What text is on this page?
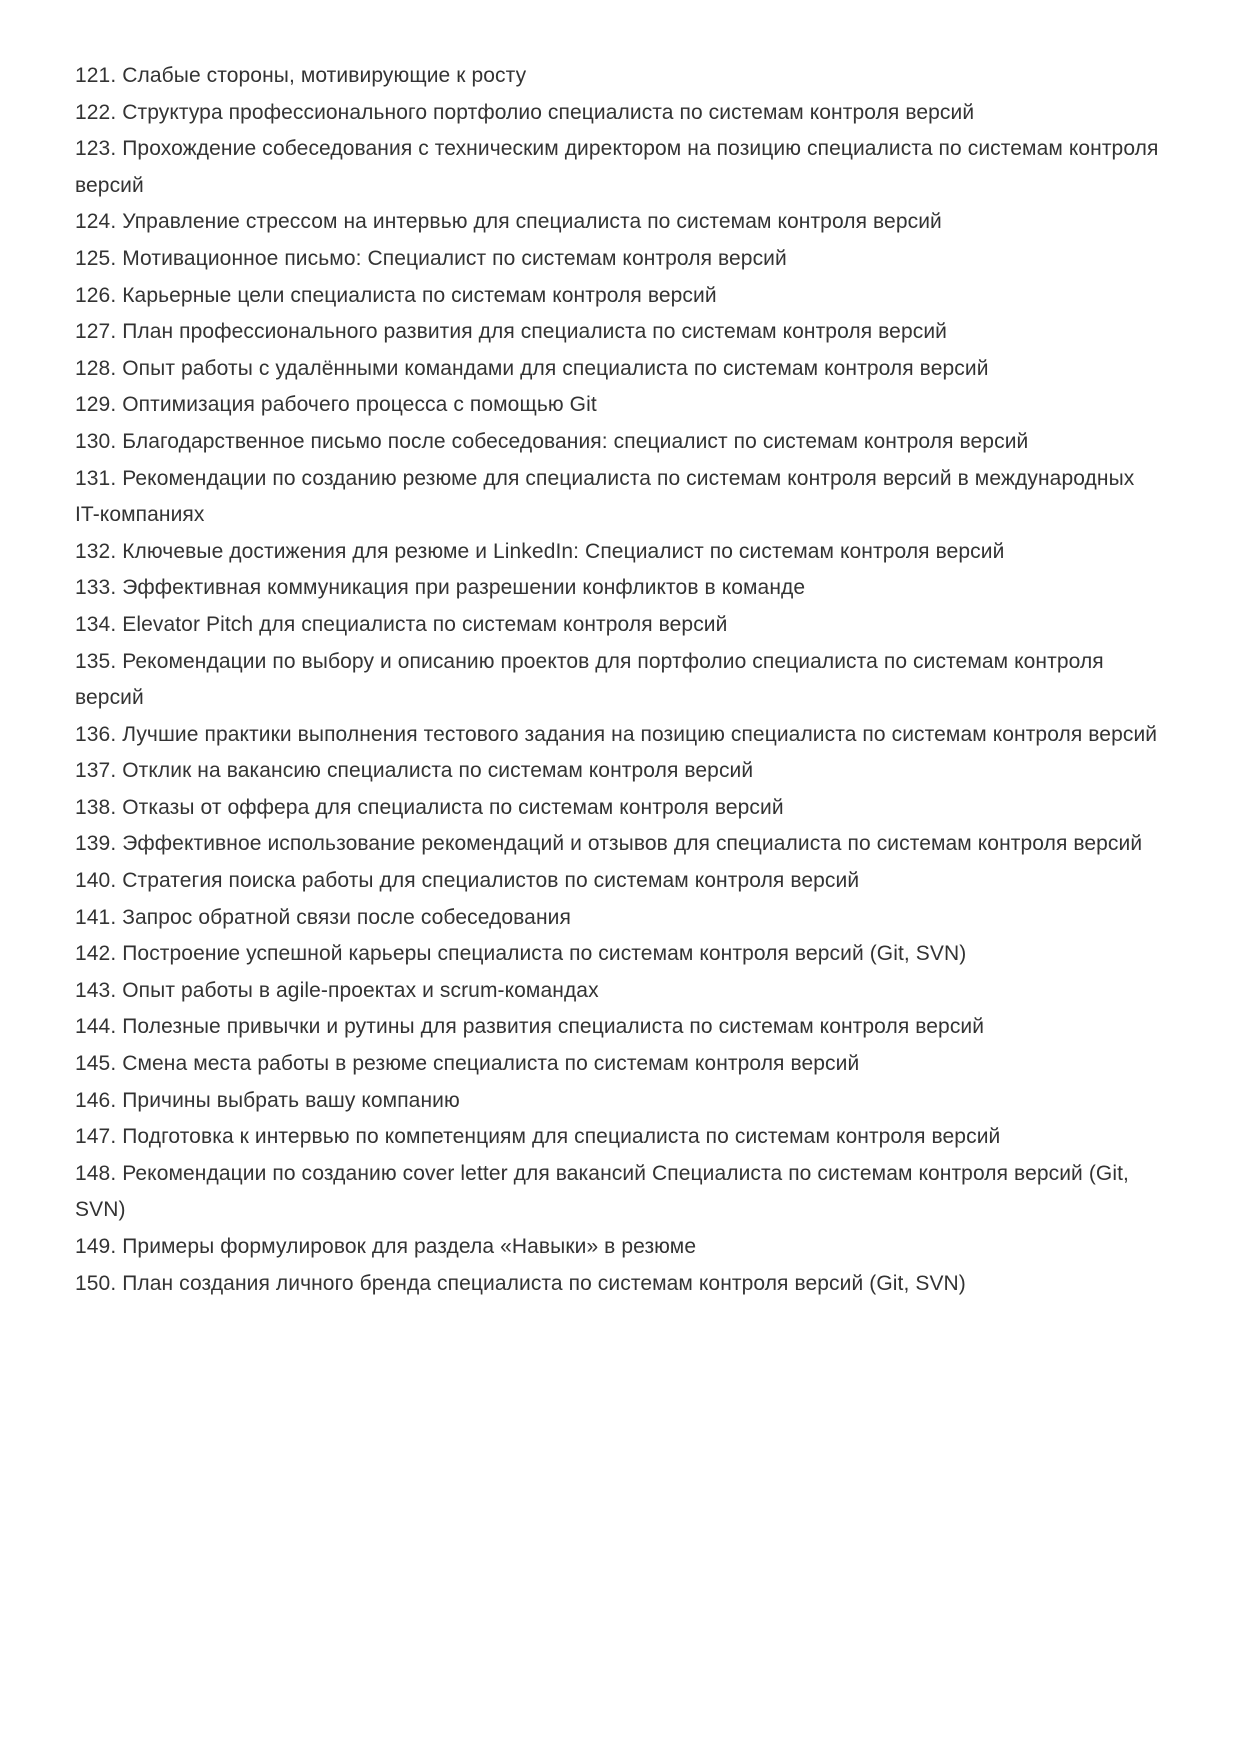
121. Слабые стороны, мотивирующие к росту
122. Структура профессионального портфолио специалиста по системам контроля версий
123. Прохождение собеседования с техническим директором на позицию специалиста по системам контроля версий
124. Управление стрессом на интервью для специалиста по системам контроля версий
125. Мотивационное письмо: Специалист по системам контроля версий
126. Карьерные цели специалиста по системам контроля версий
127. План профессионального развития для специалиста по системам контроля версий
128. Опыт работы с удалёнными командами для специалиста по системам контроля версий
129. Оптимизация рабочего процесса с помощью Git
130. Благодарственное письмо после собеседования: специалист по системам контроля версий
131. Рекомендации по созданию резюме для специалиста по системам контроля версий в международных IT-компаниях
132. Ключевые достижения для резюме и LinkedIn: Специалист по системам контроля версий
133. Эффективная коммуникация при разрешении конфликтов в команде
134. Elevator Pitch для специалиста по системам контроля версий
135. Рекомендации по выбору и описанию проектов для портфолио специалиста по системам контроля версий
136. Лучшие практики выполнения тестового задания на позицию специалиста по системам контроля версий
137. Отклик на вакансию специалиста по системам контроля версий
138. Отказы от оффера для специалиста по системам контроля версий
139. Эффективное использование рекомендаций и отзывов для специалиста по системам контроля версий
140. Стратегия поиска работы для специалистов по системам контроля версий
141. Запрос обратной связи после собеседования
142. Построение успешной карьеры специалиста по системам контроля версий (Git, SVN)
143. Опыт работы в agile-проектах и scrum-командах
144. Полезные привычки и рутины для развития специалиста по системам контроля версий
145. Смена места работы в резюме специалиста по системам контроля версий
146. Причины выбрать вашу компанию
147. Подготовка к интервью по компетенциям для специалиста по системам контроля версий
148. Рекомендации по созданию cover letter для вакансий Специалиста по системам контроля версий (Git, SVN)
149. Примеры формулировок для раздела «Навыки» в резюме
150. План создания личного бренда специалиста по системам контроля версий (Git, SVN)
